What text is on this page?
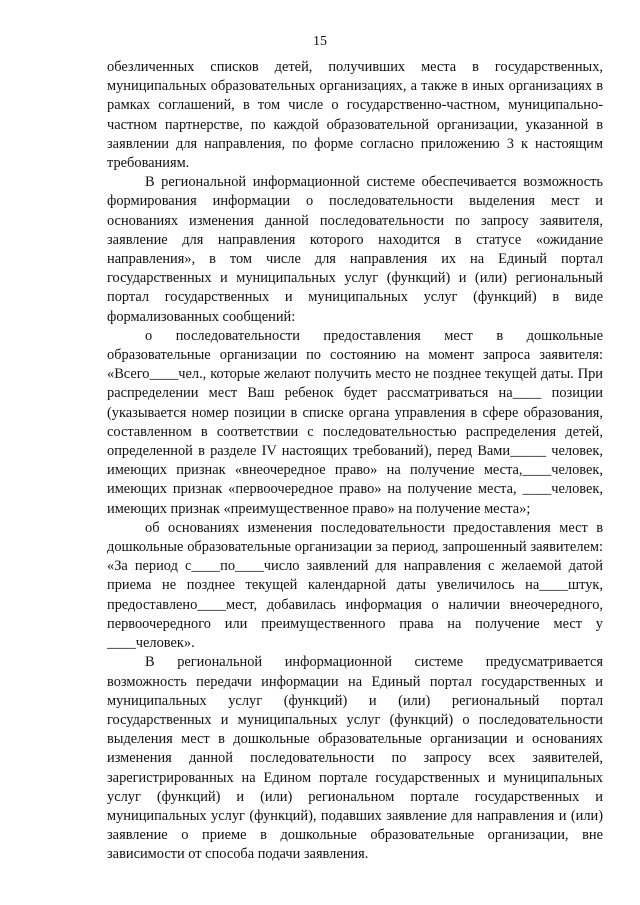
15

обезличенных списков детей, получивших места в государственных, муниципальных образовательных организациях, а также в иных организациях в рамках соглашений, в том числе о государственно-частном, муниципально-частном партнерстве, по каждой образовательной организации, указанной в заявлении для направления, по форме согласно приложению 3 к настоящим требованиям.

В региональной информационной системе обеспечивается возможность формирования информации о последовательности выделения мест и основаниях изменения данной последовательности по запросу заявителя, заявление для направления которого находится в статусе «ожидание направления», в том числе для направления их на Единый портал государственных и муниципальных услуг (функций) и (или) региональный портал государственных и муниципальных услуг (функций) в виде формализованных сообщений:

о последовательности предоставления мест в дошкольные образовательные организации по состоянию на момент запроса заявителя: «Всего____чел., которые желают получить место не позднее текущей даты. При распределении мест Ваш ребенок будет рассматриваться на____ позиции (указывается номер позиции в списке органа управления в сфере образования, составленном в соответствии с последовательностью распределения детей, определенной в разделе IV настоящих требований), перед Вами_____ человек, имеющих признак «внеочередное право» на получение места,____человек, имеющих признак «первоочередное право» на получение места, ____человек, имеющих признак «преимущественное право» на получение места»;

об основаниях изменения последовательности предоставления мест в дошкольные образовательные организации за период, запрошенный заявителем: «За период с____по____число заявлений для направления с желаемой датой приема не позднее текущей календарной даты увеличилось на____штук, предоставлено____мест, добавилась информация о наличии внеочередного, первоочередного или преимущественного права на получение мест у ____человек».

В региональной информационной системе предусматривается возможность передачи информации на Единый портал государственных и муниципальных услуг (функций) и (или) региональный портал государственных и муниципальных услуг (функций) о последовательности выделения мест в дошкольные образовательные организации и основаниях изменения данной последовательности по запросу всех заявителей, зарегистрированных на Едином портале государственных и муниципальных услуг (функций) и (или) региональном портале государственных и муниципальных услуг (функций), подавших заявление для направления и (или) заявление о приеме в дошкольные образовательные организации, вне зависимости от способа подачи заявления.
